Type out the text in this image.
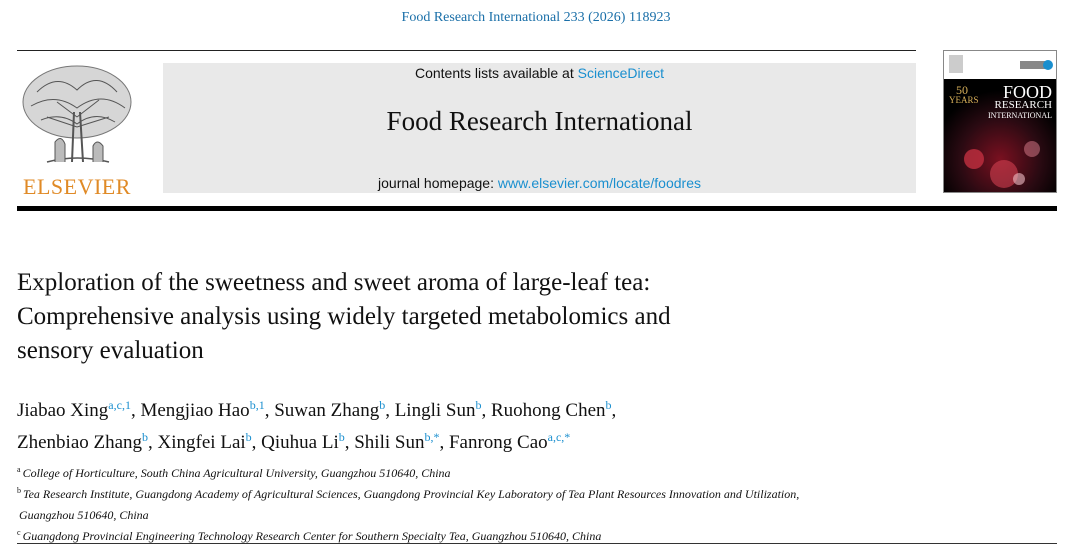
Food Research International 233 (2026) 118923
ELSEVIER
Contents lists available at ScienceDirect
Food Research International
journal homepage: www.elsevier.com/locate/foodres
50
YEARS	FOOD
RESEARCH
INTERNATIONAL
Exploration of the sweetness and sweet aroma of large-leaf tea:
Comprehensive analysis using widely targeted metabolomics and
sensory evaluation
Jiabao Xing$^{a,c,1}$, Mengjiao Hao$^{b,1}$, Suwan Zhang$^b$, Lingli Sun$^b$, Ruohong Chen$^b$,
Zhenbiao Zhang$^b$, Xingfei Lai$^b$, Qiuhua Li$^b$, Shili Sun$^{b,*}$, Fanrong Cao$^{a,c,*}$
$^a$ College of Horticulture, South China Agricultural University, Guangzhou 510640, China
$^b$ Tea Research Institute, Guangdong Academy of Agricultural Sciences, Guangdong Provincial Key Laboratory of Tea Plant Resources Innovation and Utilization,
Guangzhou 510640, China
$^c$ Guangdong Provincial Engineering Technology Research Center for Southern Specialty Tea, Guangzhou 510640, China
